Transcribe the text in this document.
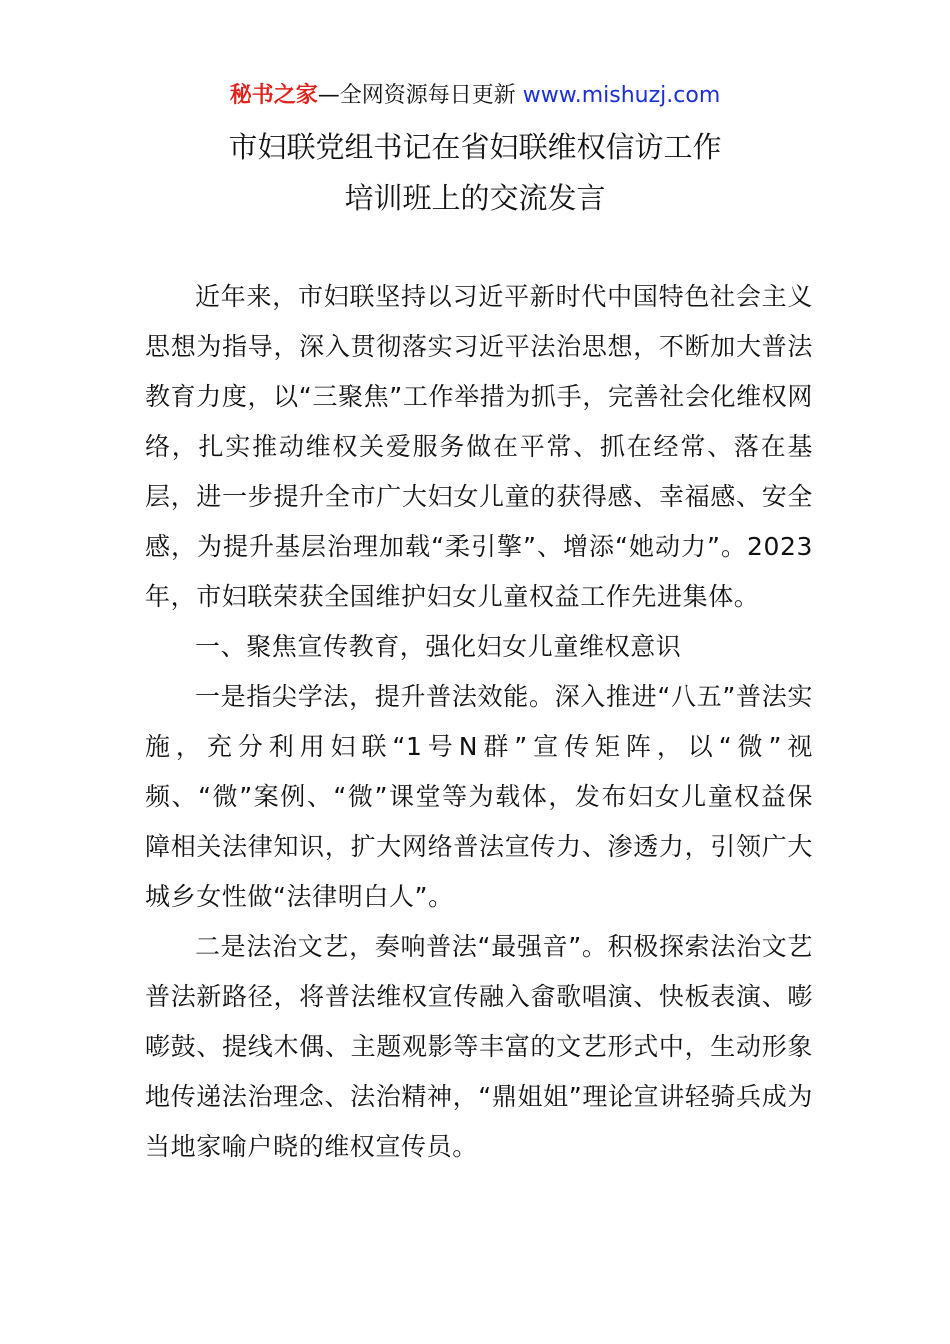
秘书之家—全网资源每日更新 www.mishuzj.com
市妇联党组书记在省妇联维权信访工作
培训班上的交流发言

近年来，市妇联坚持以习近平新时代中国特色社会主义思想为指导，深入贯彻落实习近平法治思想，不断加大普法教育力度，以“三聚焦”工作举措为抓手，完善社会化维权网络，扎实推动维权关爱服务做在平常、抓在经常、落在基层，进一步提升全市广大妇女儿童的获得感、幸福感、安全感，为提升基层治理加载“柔引擎”、增添“她动力”。2023年，市妇联荣获全国维护妇女儿童权益工作先进集体。

一、聚焦宣传教育，强化妇女儿童维权意识

一是指尖学法，提升普法效能。深入推进“八五”普法实施，充分利用妇联“1号N群”宣传矩阵，以“微”视频、“微”案例、“微”课堂等为载体，发布妇女儿童权益保障相关法律知识，扩大网络普法宣传力、渗透力，引领广大城乡女性做“法律明白人”。

二是法治文艺，奏响普法“最强音”。积极探索法治文艺普法新路径，将普法维权宣传融入畲歌唱演、快板表演、嘭嘭鼓、提线木偶、主题观影等丰富的文艺形式中，生动形象地传递法治理念、法治精神，“鼎姐姐”理论宣讲轻骑兵成为当地家喻户晓的维权宣传员。
